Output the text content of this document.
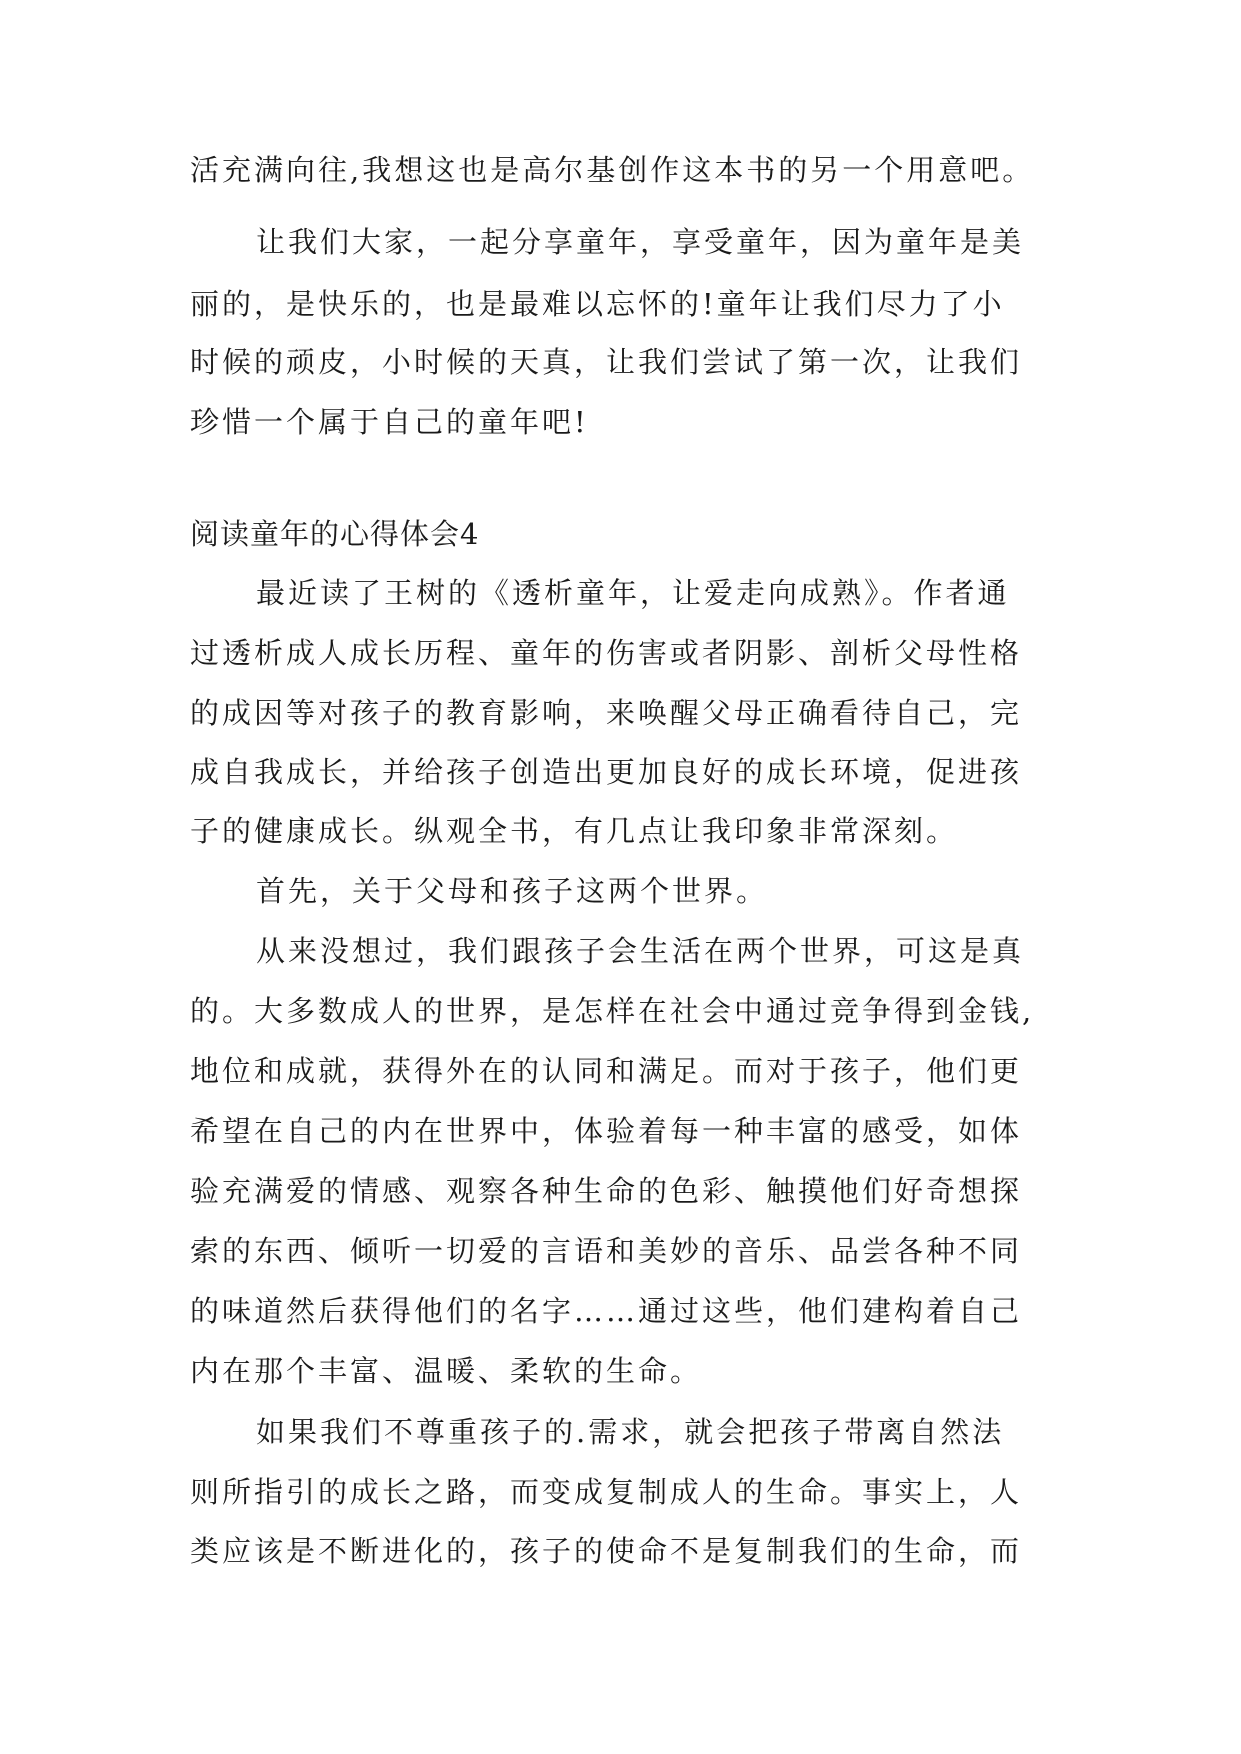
活充满向往,我想这也是高尔基创作这本书的另一个用意吧。
让我们大家，一起分享童年，享受童年，因为童年是美
丽的，是快乐的，也是最难以忘怀的!童年让我们尽力了小
时候的顽皮，小时候的天真，让我们尝试了第一次，让我们
珍惜一个属于自己的童年吧!
阅读童年的心得体会4
最近读了王树的《透析童年，让爱走向成熟》。作者通
过透析成人成长历程、童年的伤害或者阴影、剖析父母性格
的成因等对孩子的教育影响，来唤醒父母正确看待自己，完
成自我成长，并给孩子创造出更加良好的成长环境，促进孩
子的健康成长。纵观全书，有几点让我印象非常深刻。
首先，关于父母和孩子这两个世界。
从来没想过，我们跟孩子会生活在两个世界，可这是真
的。大多数成人的世界，是怎样在社会中通过竞争得到金钱,
地位和成就，获得外在的认同和满足。而对于孩子，他们更
希望在自己的内在世界中，体验着每一种丰富的感受，如体
验充满爱的情感、观察各种生命的色彩、触摸他们好奇想探
索的东西、倾听一切爱的言语和美妙的音乐、品尝各种不同
的味道然后获得他们的名字……通过这些，他们建构着自己
内在那个丰富、温暖、柔软的生命。
如果我们不尊重孩子的.需求，就会把孩子带离自然法
则所指引的成长之路，而变成复制成人的生命。事实上，人
类应该是不断进化的，孩子的使命不是复制我们的生命，而
